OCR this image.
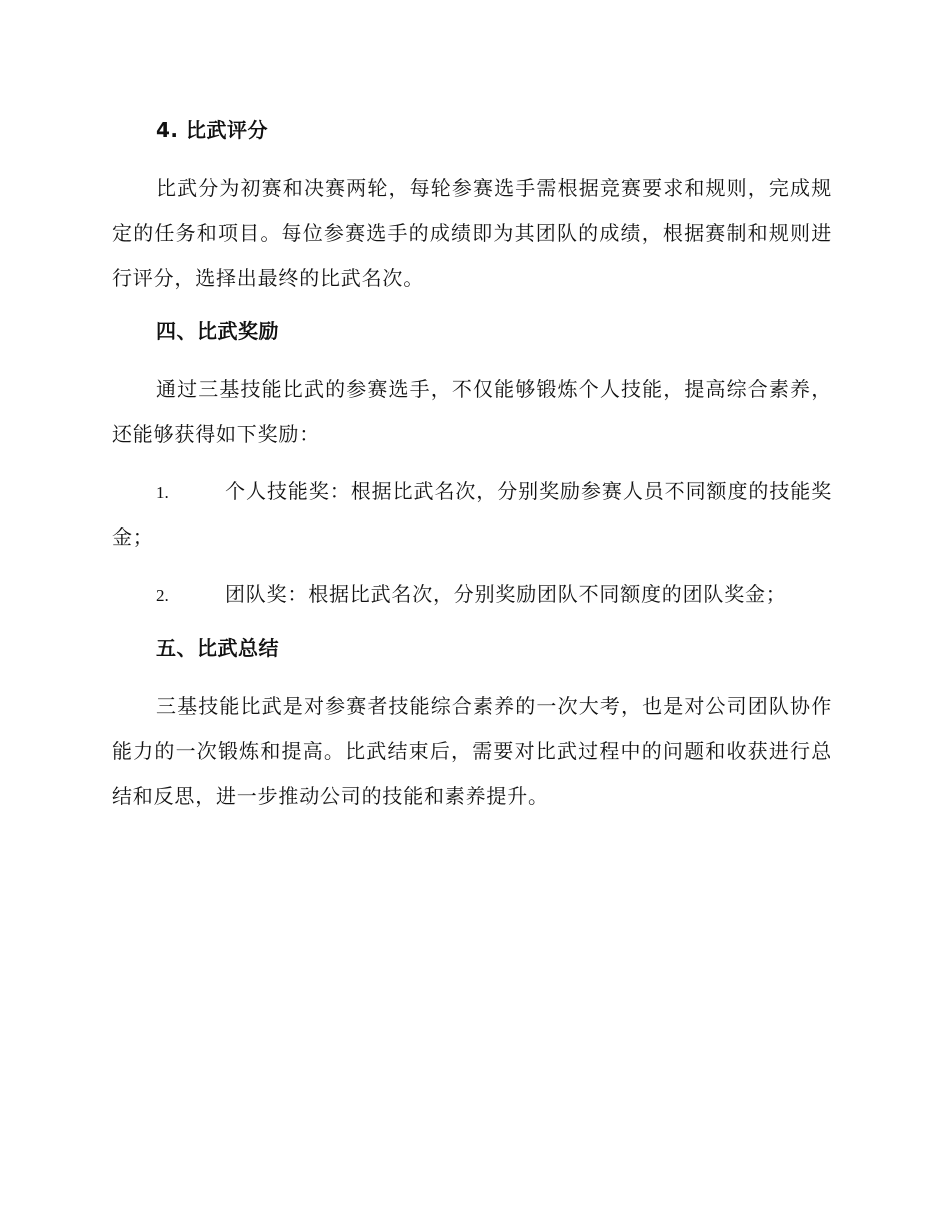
4. 比武评分

比武分为初赛和决赛两轮，每轮参赛选手需根据竞赛要求和规则，完成规定的任务和项目。每位参赛选手的成绩即为其团队的成绩，根据赛制和规则进行评分，选择出最终的比武名次。

四、比武奖励

通过三基技能比武的参赛选手，不仅能够锻炼个人技能，提高综合素养，还能够获得如下奖励：

1.	个人技能奖：根据比武名次，分别奖励参赛人员不同额度的技能奖金；

2.	团队奖：根据比武名次，分别奖励团队不同额度的团队奖金；

五、比武总结

三基技能比武是对参赛者技能综合素养的一次大考，也是对公司团队协作能力的一次锻炼和提高。比武结束后，需要对比武过程中的问题和收获进行总结和反思，进一步推动公司的技能和素养提升。
